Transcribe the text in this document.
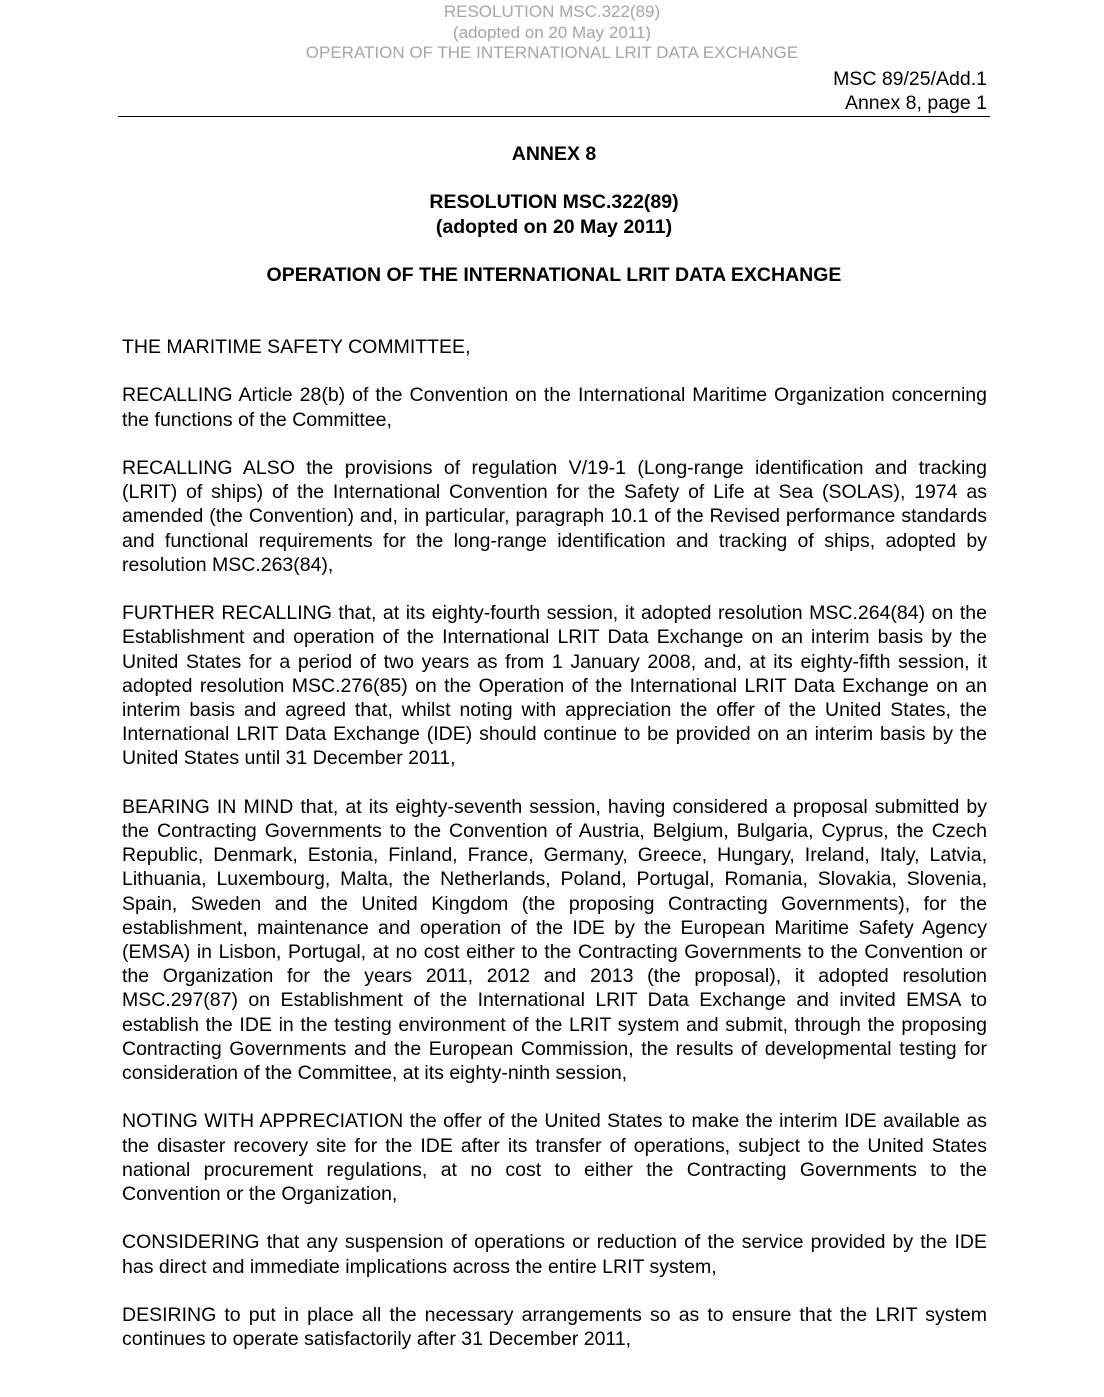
RESOLUTION MSC.322(89)
(adopted on 20 May 2011)
OPERATION OF THE INTERNATIONAL LRIT DATA EXCHANGE
MSC 89/25/Add.1
Annex 8, page 1
ANNEX 8
RESOLUTION MSC.322(89)
(adopted on 20 May 2011)
OPERATION OF THE INTERNATIONAL LRIT DATA EXCHANGE

THE MARITIME SAFETY COMMITTEE,

RECALLING Article 28(b) of the Convention on the International Maritime Organization concerning the functions of the Committee,

RECALLING ALSO the provisions of regulation V/19-1 (Long-range identification and tracking (LRIT) of ships) of the International Convention for the Safety of Life at Sea (SOLAS), 1974 as amended (the Convention) and, in particular, paragraph 10.1 of the Revised performance standards and functional requirements for the long-range identification and tracking of ships, adopted by resolution MSC.263(84),

FURTHER RECALLING that, at its eighty-fourth session, it adopted resolution MSC.264(84) on the Establishment and operation of the International LRIT Data Exchange on an interim basis by the United States for a period of two years as from 1 January 2008, and, at its eighty-fifth session, it adopted resolution MSC.276(85) on the Operation of the International LRIT Data Exchange on an interim basis and agreed that, whilst noting with appreciation the offer of the United States, the International LRIT Data Exchange (IDE) should continue to be provided on an interim basis by the United States until 31 December 2011,

BEARING IN MIND that, at its eighty-seventh session, having considered a proposal submitted by the Contracting Governments to the Convention of Austria, Belgium, Bulgaria, Cyprus, the Czech Republic, Denmark, Estonia, Finland, France, Germany, Greece, Hungary, Ireland, Italy, Latvia, Lithuania, Luxembourg, Malta, the Netherlands, Poland, Portugal, Romania, Slovakia, Slovenia, Spain, Sweden and the United Kingdom (the proposing Contracting Governments), for the establishment, maintenance and operation of the IDE by the European Maritime Safety Agency (EMSA) in Lisbon, Portugal, at no cost either to the Contracting Governments to the Convention or the Organization for the years 2011, 2012 and 2013 (the proposal), it adopted resolution MSC.297(87) on Establishment of the International LRIT Data Exchange and invited EMSA to establish the IDE in the testing environment of the LRIT system and submit, through the proposing Contracting Governments and the European Commission, the results of developmental testing for consideration of the Committee, at its eighty-ninth session,

NOTING WITH APPRECIATION the offer of the United States to make the interim IDE available as the disaster recovery site for the IDE after its transfer of operations, subject to the United States national procurement regulations, at no cost to either the Contracting Governments to the Convention or the Organization,

CONSIDERING that any suspension of operations or reduction of the service provided by the IDE has direct and immediate implications across the entire LRIT system,

DESIRING to put in place all the necessary arrangements so as to ensure that the LRIT system continues to operate satisfactorily after 31 December 2011,
